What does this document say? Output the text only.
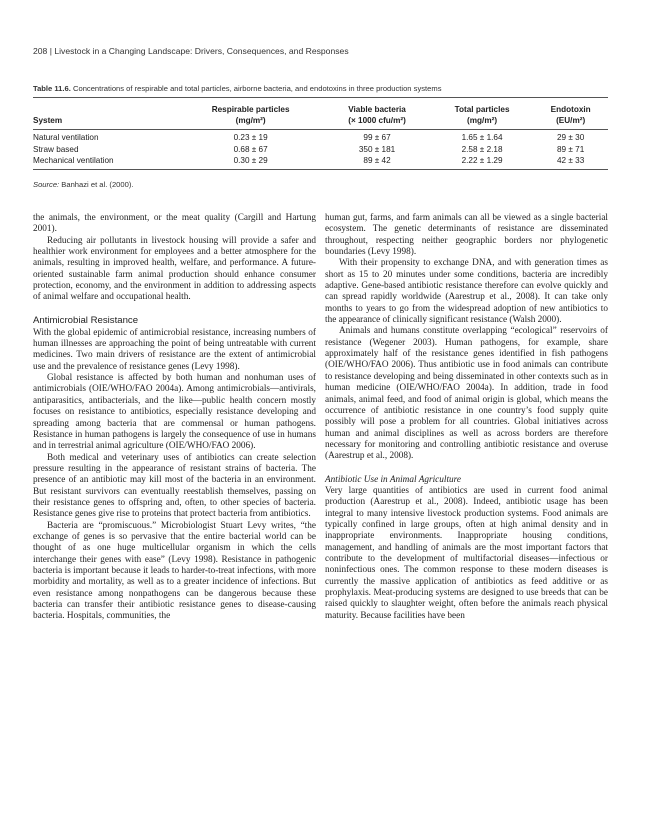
208 | Livestock in a Changing Landscape: Drivers, Consequences, and Responses
Table 11.6. Concentrations of respirable and total particles, airborne bacteria, and endotoxins in three production systems
	Respirable particles	Viable bacteria	Total particles	Endotoxin
System	(mg/m²)	(× 1000 cfu/m²)	(mg/m²)	(EU/m²)
Natural ventilation	0.23 ± 19	99 ± 67	1.65 ± 1.64	29 ± 30
Straw based	0.68 ± 67	350 ± 181	2.58 ± 2.18	89 ± 71
Mechanical ventilation	0.30 ± 29	89 ± 42	2.22 ± 1.29	42 ± 33
Source: Banhazi et al. (2000).

the animals, the environment, or the meat quality (Cargill and Hartung 2001).

Reducing air pollutants in livestock housing will provide a safer and healthier work environment for employees and a better atmosphere for the animals, resulting in improved health, welfare, and performance. A future-oriented sustainable farm animal production should enhance consumer protection, economy, and the environment in addition to addressing aspects of animal welfare and occupational health.

Antimicrobial Resistance

With the global epidemic of antimicrobial resistance, increasing numbers of human illnesses are approaching the point of being untreatable with current medicines. Two main drivers of resistance are the extent of antimicrobial use and the prevalence of resistance genes (Levy 1998).

Global resistance is affected by both human and nonhuman uses of antimicrobials (OIE/WHO/FAO 2004a). Among antimicrobials—antivirals, antiparasitics, antibacterials, and the like—public health concern mostly focuses on resistance to antibiotics, especially resistance developing and spreading among bacteria that are commensal or human pathogens. Resistance in human pathogens is largely the consequence of use in humans and in terrestrial animal agriculture (OIE/WHO/FAO 2006).

Both medical and veterinary uses of antibiotics can create selection pressure resulting in the appearance of resistant strains of bacteria. The presence of an antibiotic may kill most of the bacteria in an environment. But resistant survivors can eventually reestablish themselves, passing on their resistance genes to offspring and, often, to other species of bacteria. Resistance genes give rise to proteins that protect bacteria from antibiotics.

Bacteria are “promiscuous.” Microbiologist Stuart Levy writes, “the exchange of genes is so pervasive that the entire bacterial world can be thought of as one huge multicellular organism in which the cells interchange their genes with ease” (Levy 1998). Resistance in pathogenic bacteria is important because it leads to harder-to-treat infections, with more morbidity and mortality, as well as to a greater incidence of infections. But even resistance among nonpathogens can be dangerous because these bacteria can transfer their antibiotic resistance genes to disease-causing bacteria. Hospitals, communities, the

human gut, farms, and farm animals can all be viewed as a single bacterial ecosystem. The genetic determinants of resistance are disseminated throughout, respecting neither geographic borders nor phylogenetic boundaries (Levy 1998).

With their propensity to exchange DNA, and with generation times as short as 15 to 20 minutes under some conditions, bacteria are incredibly adaptive. Gene-based antibiotic resistance therefore can evolve quickly and can spread rapidly worldwide (Aarestrup et al., 2008). It can take only months to years to go from the widespread adoption of new antibiotics to the appearance of clinically significant resistance (Walsh 2000).

Animals and humans constitute overlapping “ecological” reservoirs of resistance (Wegener 2003). Human pathogens, for example, share approximately half of the resistance genes identified in fish pathogens (OIE/WHO/FAO 2006). Thus antibiotic use in food animals can contribute to resistance developing and being disseminated in other contexts such as in human medicine (OIE/WHO/FAO 2004a). In addition, trade in food animals, animal feed, and food of animal origin is global, which means the occurrence of antibiotic resistance in one country’s food supply quite possibly will pose a problem for all countries. Global initiatives across human and animal disciplines as well as across borders are therefore necessary for monitoring and controlling antibiotic resistance and overuse (Aarestrup et al., 2008).

Antibiotic Use in Animal Agriculture

Very large quantities of antibiotics are used in current food animal production (Aarestrup et al., 2008). Indeed, antibiotic usage has been integral to many intensive livestock production systems. Food animals are typically confined in large groups, often at high animal density and in inappropriate environments. Inappropriate housing conditions, management, and handling of animals are the most important factors that contribute to the development of multifactorial diseases—infectious or noninfectious ones. The common response to these modern diseases is currently the massive application of antibiotics as feed additive or as prophylaxis. Meat-producing systems are designed to use breeds that can be raised quickly to slaughter weight, often before the animals reach physical maturity. Because facilities have been
